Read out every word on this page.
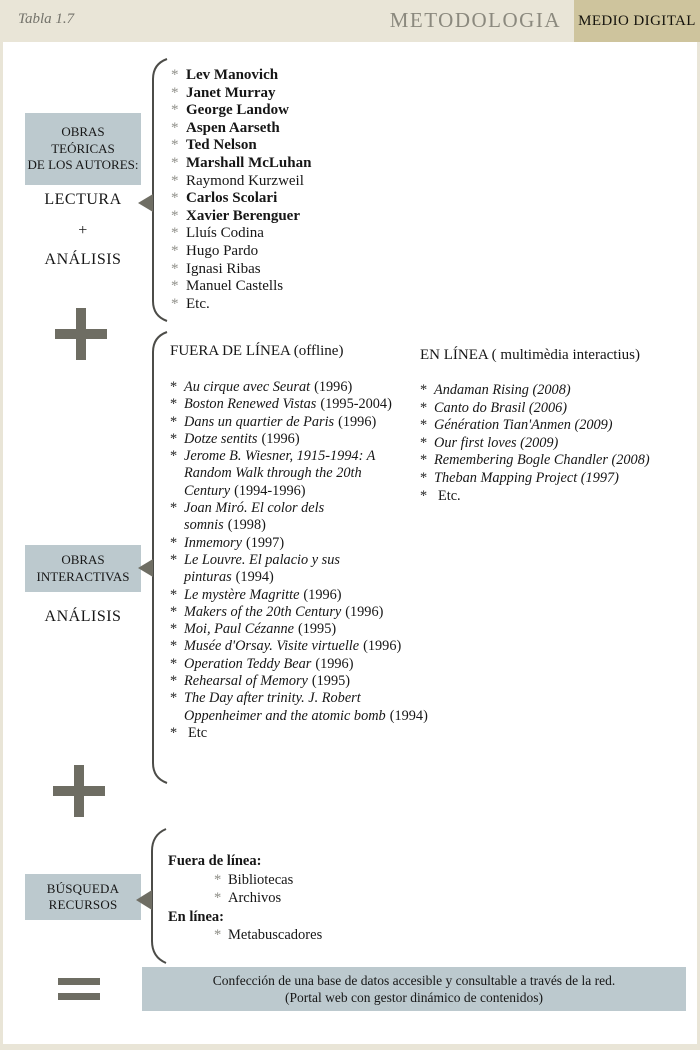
Tabla 1.7	METODOLOGIA MEDIO DIGITAL
OBRAS
TEÓRICAS
DE LOS AUTORES:
LECTURA
+
ANÁLISIS
* Lev Manovich
* Janet Murray
* George Landow
* Aspen Aarseth
* Ted Nelson
* Marshall McLuhan
* Raymond Kurzweil
* Carlos Scolari
* Xavier Berenguer
* Lluís Codina
* Hugo Pardo
* Ignasi Ribas
* Manuel Castells
* Etc.
OBRAS
INTERACTIVAS
ANÁLISIS
FUERA DE LÍNEA (offline)
* Au cirque avec Seurat (1996)
* Boston Renewed Vistas (1995-2004)
* Dans un quartier de Paris (1996)
* Dotze sentits (1996)
* Jerome B. Wiesner, 1915-1994: A
Random Walk through the 20th
Century (1994-1996)
* Joan Miró. El color dels
somnis (1998)
* Inmemory (1997)
* Le Louvre. El palacio y sus
pinturas (1994)
* Le mystère Magritte (1996)
* Makers of the 20th Century (1996)
* Moi, Paul Cézanne (1995)
* Musée d'Orsay. Visite virtuelle (1996)
* Operation Teddy Bear (1996)
* Rehearsal of Memory (1995)
* The Day after trinity. J. Robert
Oppenheimer and the atomic bomb (1994)
* Etc
EN LÍNEA ( multimèdia interactius)
* Andaman Rising (2008)
* Canto do Brasil (2006)
* Génération Tian'Anmen (2009)
* Our first loves (2009)
* Remembering Bogle Chandler (2008)
* Theban Mapping Project (1997)
* Etc.
BÚSQUEDA
RECURSOS
Fuera de línea:
* Bibliotecas
* Archivos
En línea:
* Metabuscadores
Confección de una base de datos accesible y consultable a través de la red.
(Portal web con gestor dinámico de contenidos)
